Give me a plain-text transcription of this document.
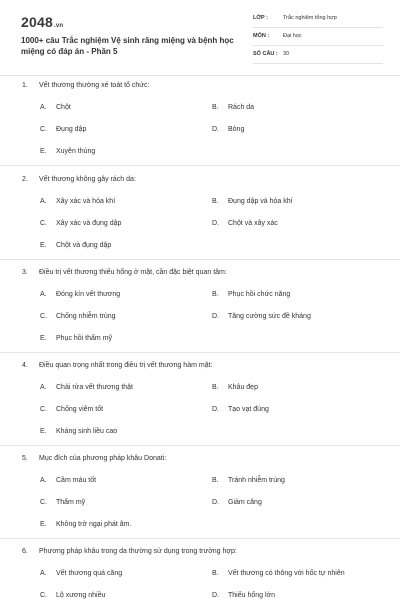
2048.vn
1000+ câu Trắc nghiệm Vệ sinh răng miệng và bệnh học miệng có đáp án - Phần 5
LỚP :	Trắc nghiệm tổng hợp
MÔN :	Đại học
SỐ CÂU : 30
1. Vết thương thường xé toát tổ chức:
A. Chột	B. Rách da
C. Đụng dập	D. Bỏng
E. Xuyên thủng
2. Vết thương không gây rách da:
A. Xây xác và hỏa khí	B. Đụng dập và hỏa khí
C. Xây xác và đụng dập	D. Chột và xây xác
E. Chột và đụng dập
3. Điều trị vết thương thiếu hổng ở mặt, cần đặc biệt quan tâm:
A. Đóng kín vết thương	B. Phục hồi chức năng
C. Chống nhiễm trùng	D. Tăng cường sức đề kháng
E. Phục hồi thẩm mỹ
4. Điều quan trọng nhất trong điều trị vết thương hàm mặt:
A. Chải rửa vết thương thật	B. Khâu đẹp
C. Chống viêm tốt	D. Tạo vạt đúng
E. Kháng sinh liều cao
5. Mục đích của phương pháp khâu Donati:
A. Cầm máu tốt	B. Tránh nhiễm trùng
C. Thẩm mỹ	D. Giảm căng
E. Không trở ngại phát âm.
6. Phương pháp khâu trong da thường sử dụng trong trường hợp:
A. Vết thương quá căng	B. Vết thương có thông với hốc tự nhiên
C. Lộ xương nhiều	D. Thiếu hổng lớn
